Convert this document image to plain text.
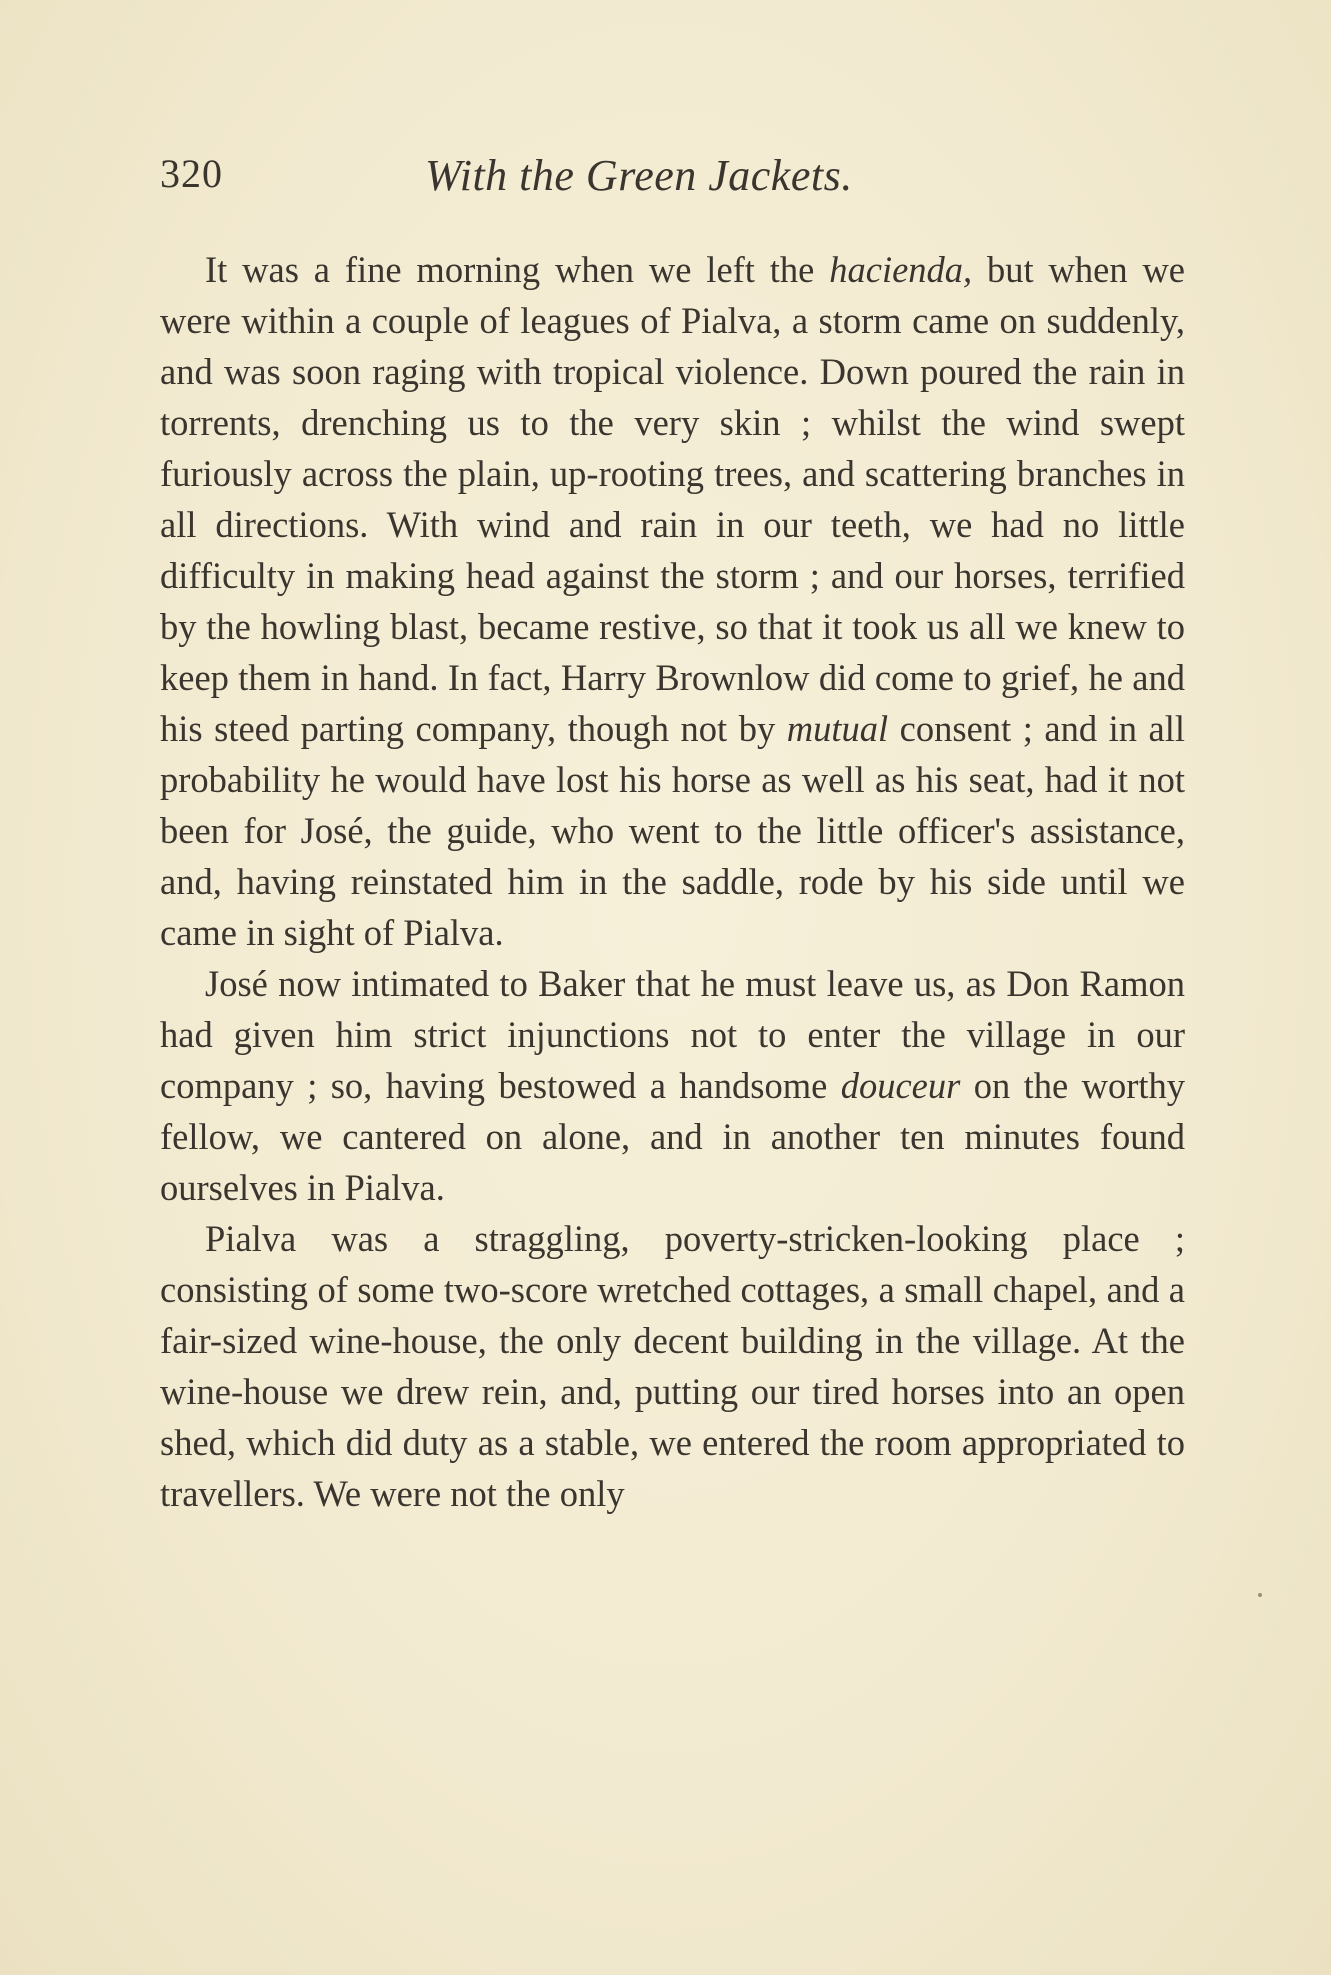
320	With the Green Jackets.

It was a fine morning when we left the hacienda, but when we were within a couple of leagues of Pialva, a storm came on suddenly, and was soon raging with tropical violence. Down poured the rain in torrents, drenching us to the very skin ; whilst the wind swept furiously across the plain, up-rooting trees, and scattering branches in all directions. With wind and rain in our teeth, we had no little difficulty in making head against the storm ; and our horses, terrified by the howling blast, became restive, so that it took us all we knew to keep them in hand. In fact, Harry Brownlow did come to grief, he and his steed parting company, though not by mutual consent ; and in all probability he would have lost his horse as well as his seat, had it not been for José, the guide, who went to the little officer's assistance, and, having reinstated him in the saddle, rode by his side until we came in sight of Pialva.

José now intimated to Baker that he must leave us, as Don Ramon had given him strict injunctions not to enter the village in our company ; so, having bestowed a handsome douceur on the worthy fellow, we cantered on alone, and in another ten minutes found ourselves in Pialva.

Pialva was a straggling, poverty-stricken-looking place ; consisting of some two-score wretched cottages, a small chapel, and a fair-sized wine-house, the only decent building in the village. At the wine-house we drew rein, and, putting our tired horses into an open shed, which did duty as a stable, we entered the room appropriated to travellers. We were not the only
